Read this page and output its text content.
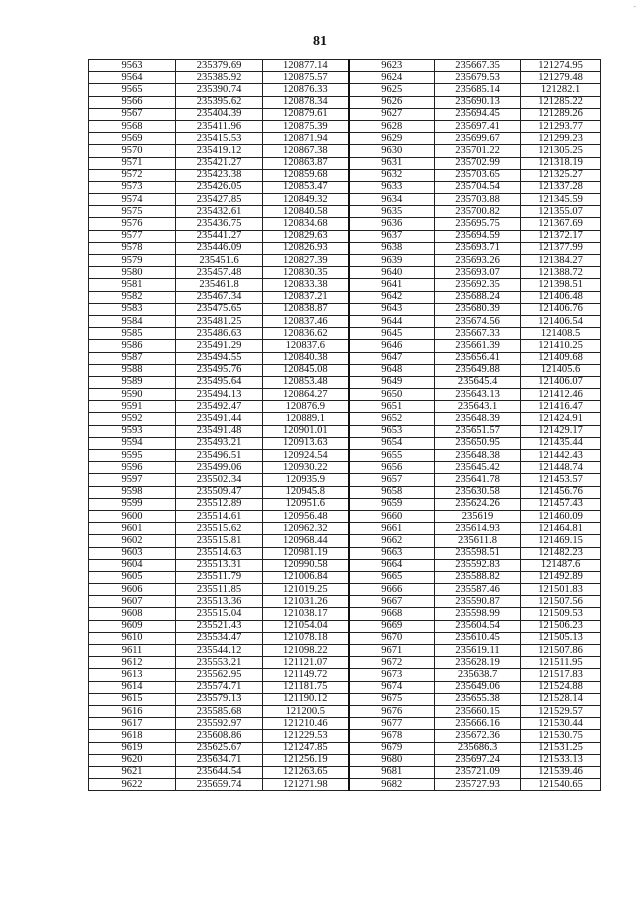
-
81
9563	235379.69	120877.14	9623	235667.35	121274.95
9564	235385.92	120875.57	9624	235679.53	121279.48
9565	235390.74	120876.33	9625	235685.14	121282.1
9566	235395.62	120878.34	9626	235690.13	121285.22
9567	235404.39	120879.61	9627	235694.45	121289.26
9568	235411.96	120875.39	9628	235697.41	121293.77
9569	235415.53	120871.94	9629	235699.67	121299.23
9570	235419.12	120867.38	9630	235701.22	121305.25
9571	235421.27	120863.87	9631	235702.99	121318.19
9572	235423.38	120859.68	9632	235703.65	121325.27
9573	235426.05	120853.47	9633	235704.54	121337.28
9574	235427.85	120849.32	9634	235703.88	121345.59
9575	235432.61	120840.58	9635	235700.82	121355.07
9576	235436.75	120834.68	9636	235695.75	121367.69
9577	235441.27	120829.63	9637	235694.59	121372.17
9578	235446.09	120826.93	9638	235693.71	121377.99
9579	235451.6	120827.39	9639	235693.26	121384.27
9580	235457.48	120830.35	9640	235693.07	121388.72
9581	235461.8	120833.38	9641	235692.35	121398.51
9582	235467.34	120837.21	9642	235688.24	121406.48
9583	235475.65	120838.87	9643	235680.39	121406.76
9584	235481.25	120837.46	9644	235674.56	121406.54
9585	235486.63	120836.62	9645	235667.33	121408.5
9586	235491.29	120837.6	9646	235661.39	121410.25
9587	235494.55	120840.38	9647	235656.41	121409.68
9588	235495.76	120845.08	9648	235649.88	121405.6
9589	235495.64	120853.48	9649	235645.4	121406.07
9590	235494.13	120864.27	9650	235643.13	121412.46
9591	235492.47	120876.9	9651	235643.1	121416.47
9592	235491.44	120889.1	9652	235648.39	121424.91
9593	235491.48	120901.01	9653	235651.57	121429.17
9594	235493.21	120913.63	9654	235650.95	121435.44
9595	235496.51	120924.54	9655	235648.38	121442.43
9596	235499.06	120930.22	9656	235645.42	121448.74
9597	235502.34	120935.9	9657	235641.78	121453.57
9598	235509.47	120945.8	9658	235630.58	121456.76
9599	235512.89	120951.6	9659	235624.26	121457.43
9600	235514.61	120956.48	9660	235619	121460.09
9601	235515.62	120962.32	9661	235614.93	121464.81
9602	235515.81	120968.44	9662	235611.8	121469.15
9603	235514.63	120981.19	9663	235598.51	121482.23
9604	235513.31	120990.58	9664	235592.83	121487.6
9605	235511.79	121006.84	9665	235588.82	121492.89
9606	235511.85	121019.25	9666	235587.46	121501.83
9607	235513.36	121031.26	9667	235590.87	121507.56
9608	235515.04	121038.17	9668	235598.99	121509.53
9609	235521.43	121054.04	9669	235604.54	121506.23
9610	235534.47	121078.18	9670	235610.45	121505.13
9611	235544.12	121098.22	9671	235619.11	121507.86
9612	235553.21	121121.07	9672	235628.19	121511.95
9613	235562.95	121149.72	9673	235638.7	121517.83
9614	235574.71	121181.75	9674	235649.06	121524.88
9615	235579.13	121190.12	9675	235655.38	121528.14
9616	235585.68	121200.5	9676	235660.15	121529.57
9617	235592.97	121210.46	9677	235666.16	121530.44
9618	235608.86	121229.53	9678	235672.36	121530.75
9619	235625.67	121247.85	9679	235686.3	121531.25
9620	235634.71	121256.19	9680	235697.24	121533.13
9621	235644.54	121263.65	9681	235721.09	121539.46
9622	235659.74	121271.98	9682	235727.93	121540.65
